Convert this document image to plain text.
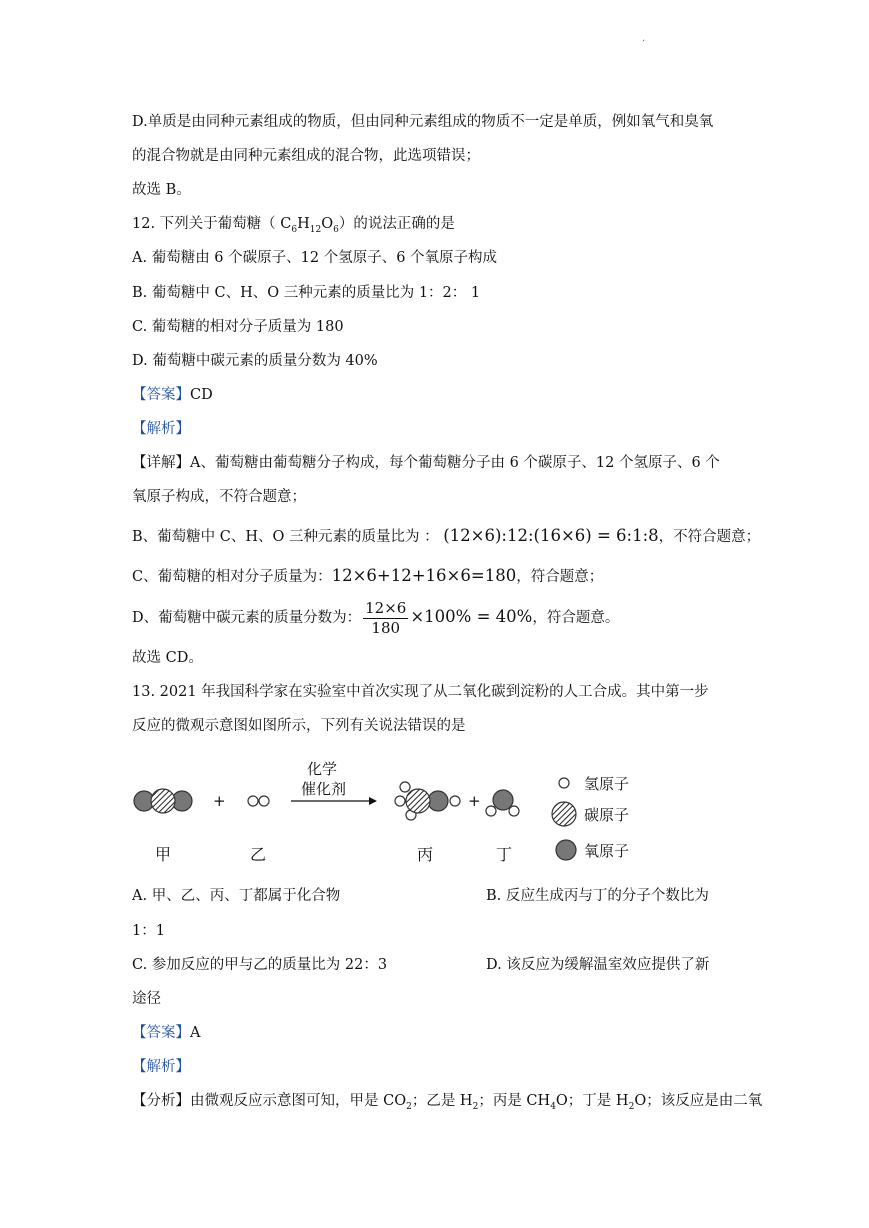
·
D.单质是由同种元素组成的物质，但由同种元素组成的物质不一定是单质，例如氧气和臭氧
的混合物就是由同种元素组成的混合物，此选项错误；
故选 B。
12. 下列关于葡萄糖（ $C_6H_{12}O_6$）的说法正确的是
A. 葡萄糖由 6 个碳原子、12 个氢原子、6 个氧原子构成
B. 葡萄糖中 C、H、O 三种元素的质量比为 1：2： 1
C. 葡萄糖的相对分子质量为 180
D. 葡萄糖中碳元素的质量分数为 40%
【答案】CD
【解析】
【详解】A、葡萄糖由葡萄糖分子构成，每个葡萄糖分子由 6 个碳原子、12 个氢原子、6 个
氧原子构成，不符合题意；
B、葡萄糖中 C、H、O 三种元素的质量比为 ： (12×6):12:(16×6) = 6:1:8，不符合题意；
C、葡萄糖的相对分子质量为：12×6+12+16×6=180，符合题意；
D、葡萄糖中碳元素的质量分数为： $\frac{12\times 6}{180} \times 100\% = 40\%$，符合题意。
故选 CD。
13. 2021 年我国科学家在实验室中首次实现了从二氧化碳到淀粉的人工合成。其中第一步
反应的微观示意图如图所示，下列有关说法错误的是
+
化学
催化剂
+
甲	乙	丙	丁
氢原子
碳原子
氧原子
A. 甲、乙、丙、丁都属于化合物	B. 反应生成丙与丁的分子个数比为
1：1
C. 参加反应的甲与乙的质量比为 22：3	D. 该反应为缓解温室效应提供了新
途径
【答案】A
【解析】
【分析】由微观反应示意图可知，甲是 $CO_2$；乙是 $H_2$；丙是 $CH_4O$；丁是 $H_2O$；该反应是由二氧
